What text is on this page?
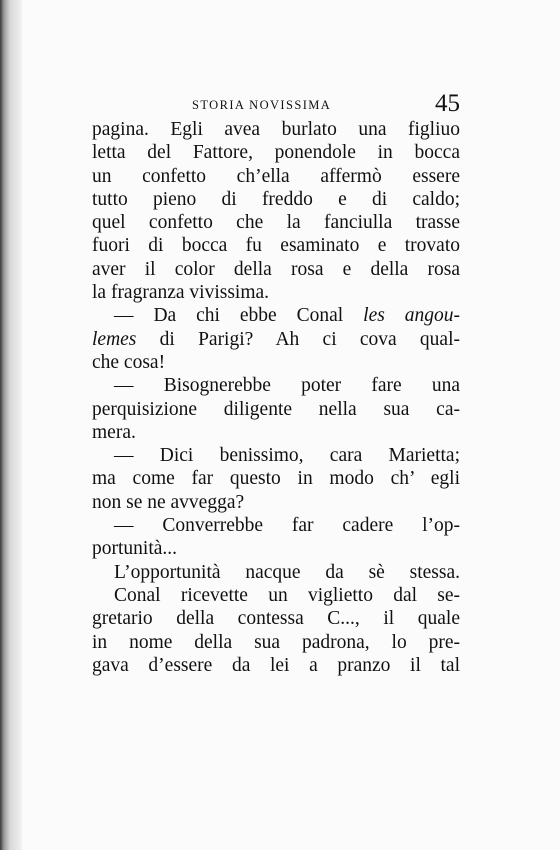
STORIA NOVISSIMA	45
pagina. Egli avea burlato una figliuo
letta del Fattore, ponendole in bocca
un confetto ch’ella affermò essere
tutto pieno di freddo e di caldo;
quel confetto che la fanciulla trasse
fuori di bocca fu esaminato e trovato
aver il color della rosa e della rosa
la fragranza vivissima.
— Da chi ebbe Conal les angou-
lemes di Parigi? Ah ci cova qual-
che cosa!
— Bisognerebbe poter fare una
perquisizione diligente nella sua ca-
mera.
— Dici benissimo, cara Marietta;
ma come far questo in modo ch’ egli
non se ne avvegga?
— Converrebbe far cadere l’op-
portunità...
L’opportunità nacque da sè stessa.
Conal ricevette un viglietto dal se-
gretario della contessa C..., il quale
in nome della sua padrona, lo pre-
gava d’essere da lei a pranzo il tal
